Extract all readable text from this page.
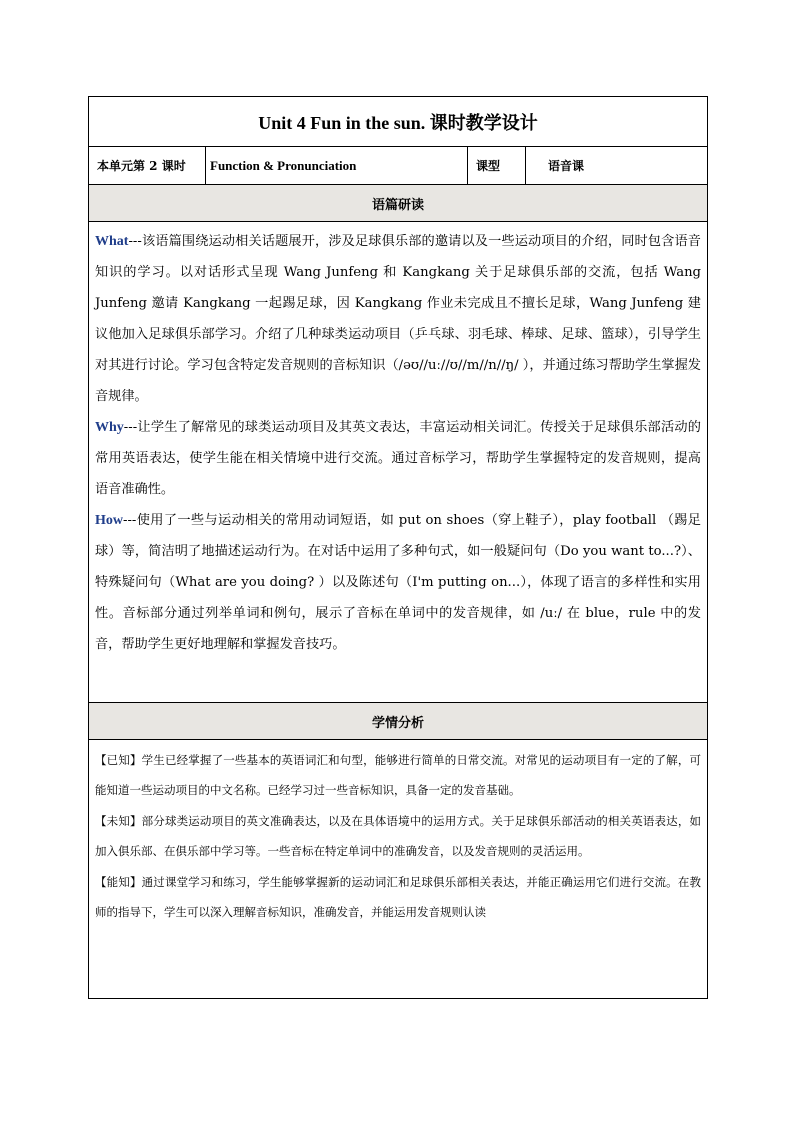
Unit 4 Fun in the sun. 课时教学设计
本单元第 2 课时	Function & Pronunciation	课型	语音课
语篇研读

What---该语篇围绕运动相关话题展开，涉及足球俱乐部的邀请以及一些运动项目的介绍，同时包含语音知识的学习。以对话形式呈现 Wang Junfeng 和 Kangkang 关于足球俱乐部的交流，包括 Wang Junfeng 邀请 Kangkang 一起踢足球，因 Kangkang 作业未完成且不擅长足球，Wang Junfeng 建议他加入足球俱乐部学习。介绍了几种球类运动项目（乒乓球、羽毛球、棒球、足球、篮球），引导学生对其进行讨论。学习包含特定发音规则的音标知识（/əʊ//uː//ʊ//m//n//ŋ/ ），并通过练习帮助学生掌握发音规律。

Why---让学生了解常见的球类运动项目及其英文表达，丰富运动相关词汇。传授关于足球俱乐部活动的常用英语表达，使学生能在相关情境中进行交流。通过音标学习，帮助学生掌握特定的发音规则，提高语音准确性。

How---使用了一些与运动相关的常用动词短语，如 put on shoes（穿上鞋子），play football （踢足球）等，简洁明了地描述运动行为。在对话中运用了多种句式，如一般疑问句（Do you want to...?）、特殊疑问句（What are you doing? ）以及陈述句（I'm putting on...），体现了语言的多样性和实用性。音标部分通过列举单词和例句，展示了音标在单词中的发音规律，如 /uː/ 在 blue，rule 中的发音，帮助学生更好地理解和掌握发音技巧。

学情分析

【已知】学生已经掌握了一些基本的英语词汇和句型，能够进行简单的日常交流。对常见的运动项目有一定的了解，可能知道一些运动项目的中文名称。已经学习过一些音标知识，具备一定的发音基础。

【未知】部分球类运动项目的英文准确表达，以及在具体语境中的运用方式。关于足球俱乐部活动的相关英语表达，如加入俱乐部、在俱乐部中学习等。一些音标在特定单词中的准确发音，以及发音规则的灵活运用。

【能知】通过课堂学习和练习，学生能够掌握新的运动词汇和足球俱乐部相关表达，并能正确运用它们进行交流。在教师的指导下，学生可以深入理解音标知识，准确发音，并能运用发音规则认读
